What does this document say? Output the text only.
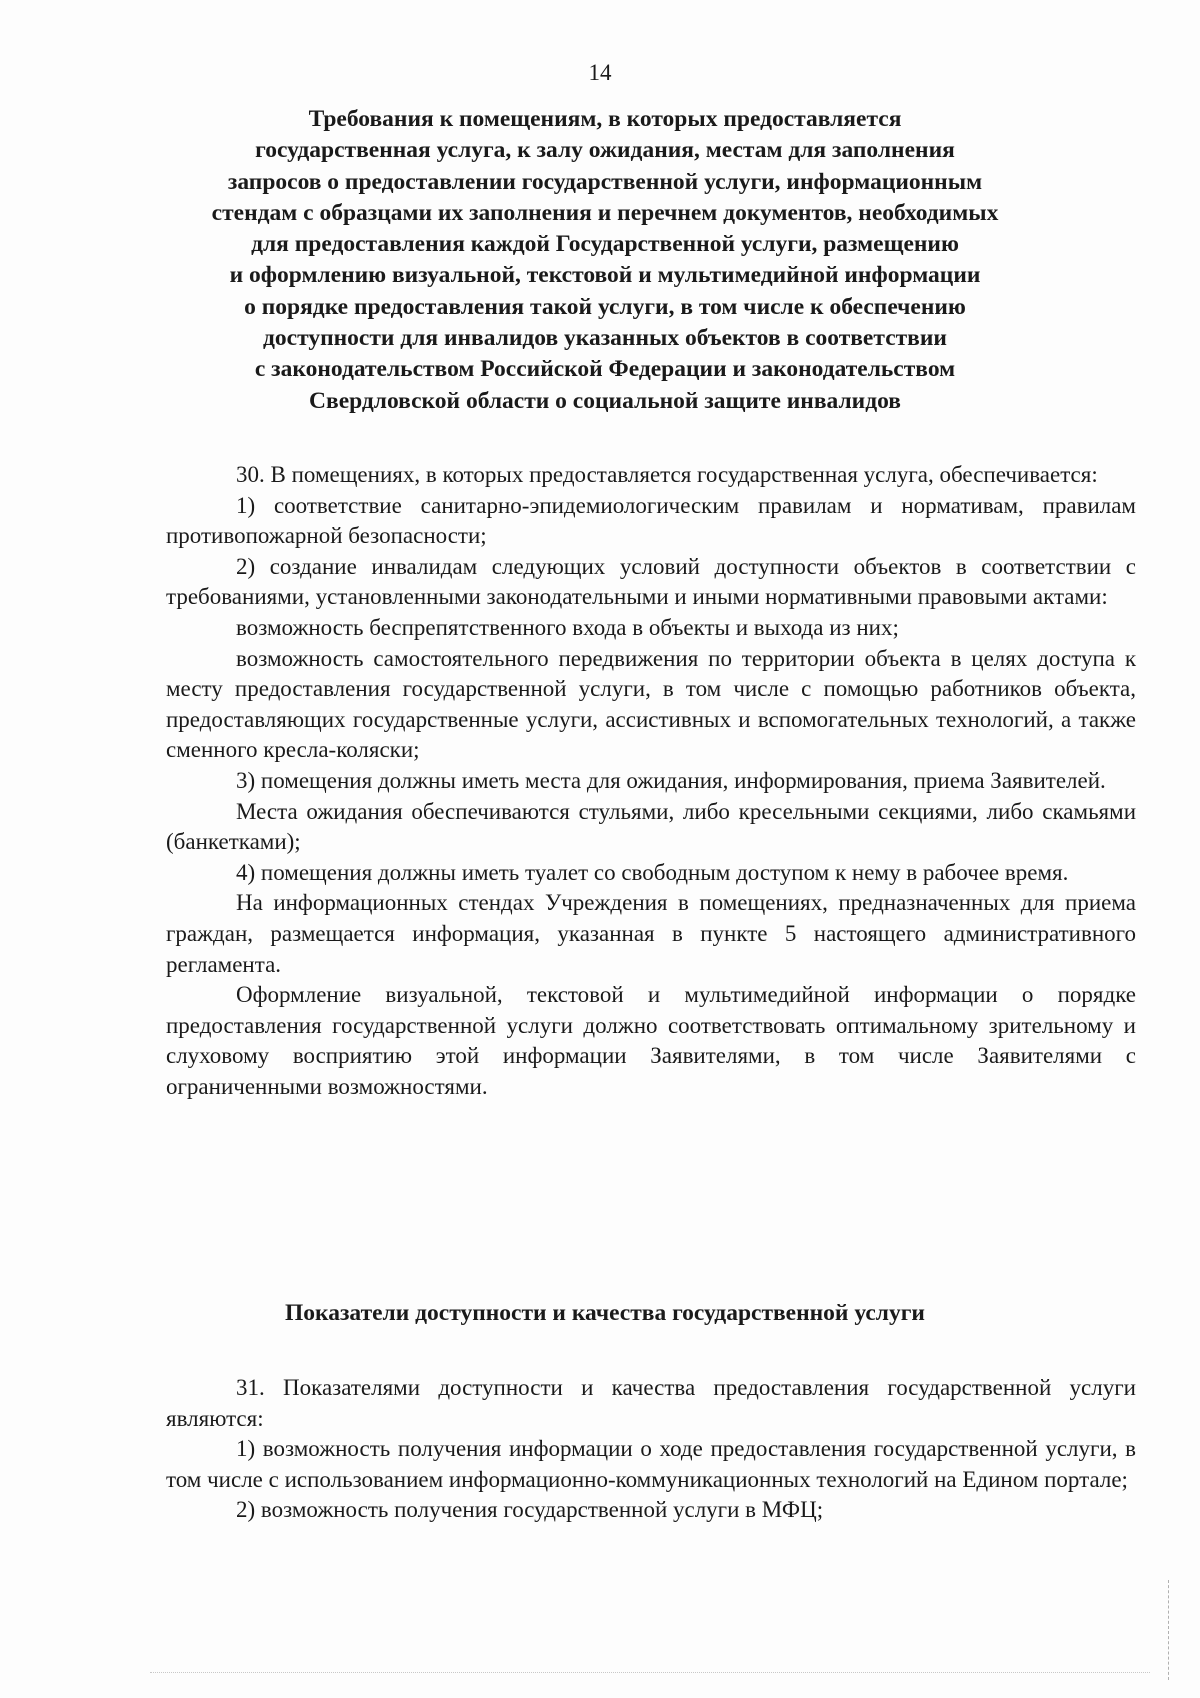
14
Требования к помещениям, в которых предоставляется
государственная услуга, к залу ожидания, местам для заполнения
запросов о предоставлении государственной услуги, информационным
стендам с образцами их заполнения и перечнем документов, необходимых
для предоставления каждой Государственной услуги, размещению
и оформлению визуальной, текстовой и мультимедийной информации
о порядке предоставления такой услуги, в том числе к обеспечению
доступности для инвалидов указанных объектов в соответствии
с законодательством Российской Федерации и законодательством
Свердловской области о социальной защите инвалидов

30. В помещениях, в которых предоставляется государственная услуга, обеспечивается:

1) соответствие санитарно-эпидемиологическим правилам и нормативам, правилам противопожарной безопасности;

2) создание инвалидам следующих условий доступности объектов в соответствии с требованиями, установленными законодательными и иными нормативными правовыми актами:

возможность беспрепятственного входа в объекты и выхода из них;

возможность самостоятельного передвижения по территории объекта в целях доступа к месту предоставления государственной услуги, в том числе с помощью работников объекта, предоставляющих государственные услуги, ассистивных и вспомогательных технологий, а также сменного кресла-коляски;

3) помещения должны иметь места для ожидания, информирования, приема Заявителей.

Места ожидания обеспечиваются стульями, либо кресельными секциями, либо скамьями (банкетками);

4) помещения должны иметь туалет со свободным доступом к нему в рабочее время.

На информационных стендах Учреждения в помещениях, предназначенных для приема граждан, размещается информация, указанная в пункте 5 настоящего административного регламента.

Оформление визуальной, текстовой и мультимедийной информации о порядке предоставления государственной услуги должно соответствовать оптимальному зрительному и слуховому восприятию этой информации Заявителями, в том числе Заявителями с ограниченными возможностями.

Показатели доступности и качества государственной услуги

31. Показателями доступности и качества предоставления государственной услуги являются:

1) возможность получения информации о ходе предоставления государственной услуги, в том числе с использованием информационно-коммуникационных технологий на Едином портале;

2) возможность получения государственной услуги в МФЦ;
